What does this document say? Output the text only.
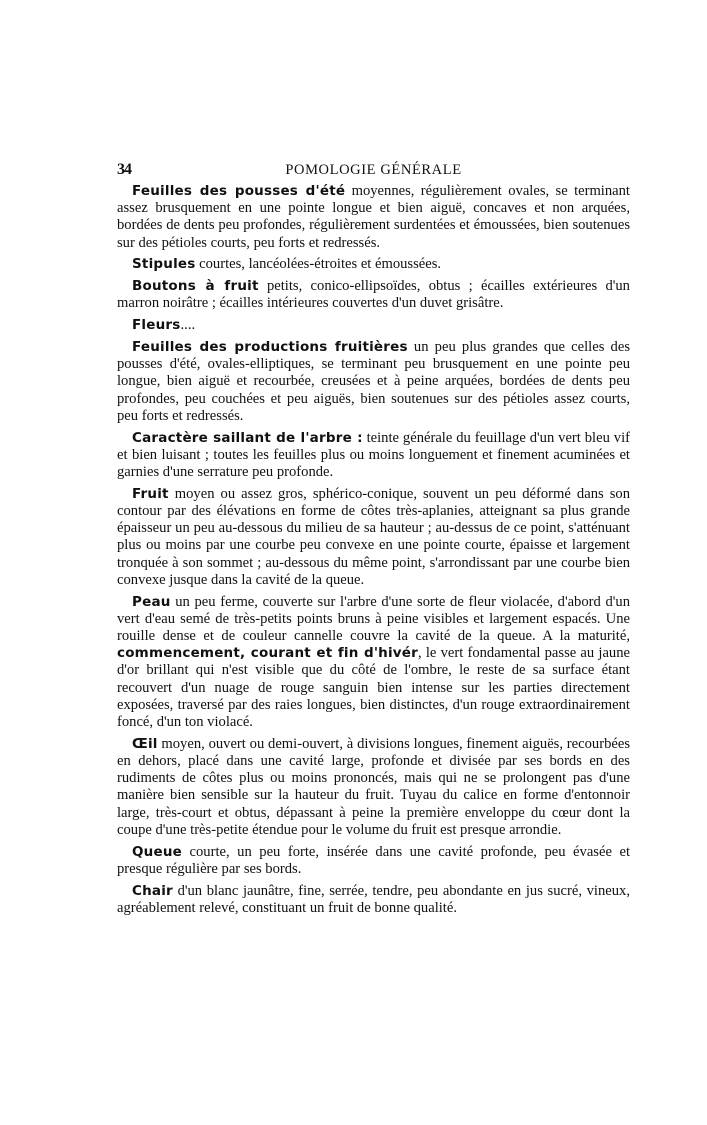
34	POMOLOGIE GÉNÉRALE

Feuilles des pousses d'été moyennes, régulièrement ovales, se terminant assez brusquement en une pointe longue et bien aiguë, concaves et non arquées, bordées de dents peu profondes, régulièrement surdentées et émoussées, bien soutenues sur des pétioles courts, peu forts et redressés.

Stipules courtes, lancéolées-étroites et émoussées.

Boutons à fruit petits, conico-ellipsoïdes, obtus ; écailles extérieures d'un marron noirâtre ; écailles intérieures couvertes d'un duvet grisâtre.

Fleurs....

Feuilles des productions fruitières un peu plus grandes que celles des pousses d'été, ovales-elliptiques, se terminant peu brusquement en une pointe peu longue, bien aiguë et recourbée, creusées et à peine arquées, bordées de dents peu profondes, peu couchées et peu aiguës, bien soutenues sur des pétioles assez courts, peu forts et redressés.

Caractère saillant de l'arbre : teinte générale du feuillage d'un vert bleu vif et bien luisant ; toutes les feuilles plus ou moins longuement et finement acuminées et garnies d'une serrature peu profonde.

Fruit moyen ou assez gros, sphérico-conique, souvent un peu déformé dans son contour par des élévations en forme de côtes très-aplanies, atteignant sa plus grande épaisseur un peu au-dessous du milieu de sa hauteur ; au-dessus de ce point, s'atténuant plus ou moins par une courbe peu convexe en une pointe courte, épaisse et largement tronquée à son sommet ; au-dessous du même point, s'arrondissant par une courbe bien convexe jusque dans la cavité de la queue.

Peau un peu ferme, couverte sur l'arbre d'une sorte de fleur violacée, d'abord d'un vert d'eau semé de très-petits points bruns à peine visibles et largement espacés. Une rouille dense et de couleur cannelle couvre la cavité de la queue. A la maturité, commencement, courant et fin d'hivér, le vert fondamental passe au jaune d'or brillant qui n'est visible que du côté de l'ombre, le reste de sa surface étant recouvert d'un nuage de rouge sanguin bien intense sur les parties directement exposées, traversé par des raies longues, bien distinctes, d'un rouge extraordinairement foncé, d'un ton violacé.

Œil moyen, ouvert ou demi-ouvert, à divisions longues, finement aiguës, recourbées en dehors, placé dans une cavité large, profonde et divisée par ses bords en des rudiments de côtes plus ou moins prononcés, mais qui ne se prolongent pas d'une manière bien sensible sur la hauteur du fruit. Tuyau du calice en forme d'entonnoir large, très-court et obtus, dépassant à peine la première enveloppe du cœur dont la coupe d'une très-petite étendue pour le volume du fruit est presque arrondie.

Queue courte, un peu forte, insérée dans une cavité profonde, peu évasée et presque régulière par ses bords.

Chair d'un blanc jaunâtre, fine, serrée, tendre, peu abondante en jus sucré, vineux, agréablement relevé, constituant un fruit de bonne qualité.
